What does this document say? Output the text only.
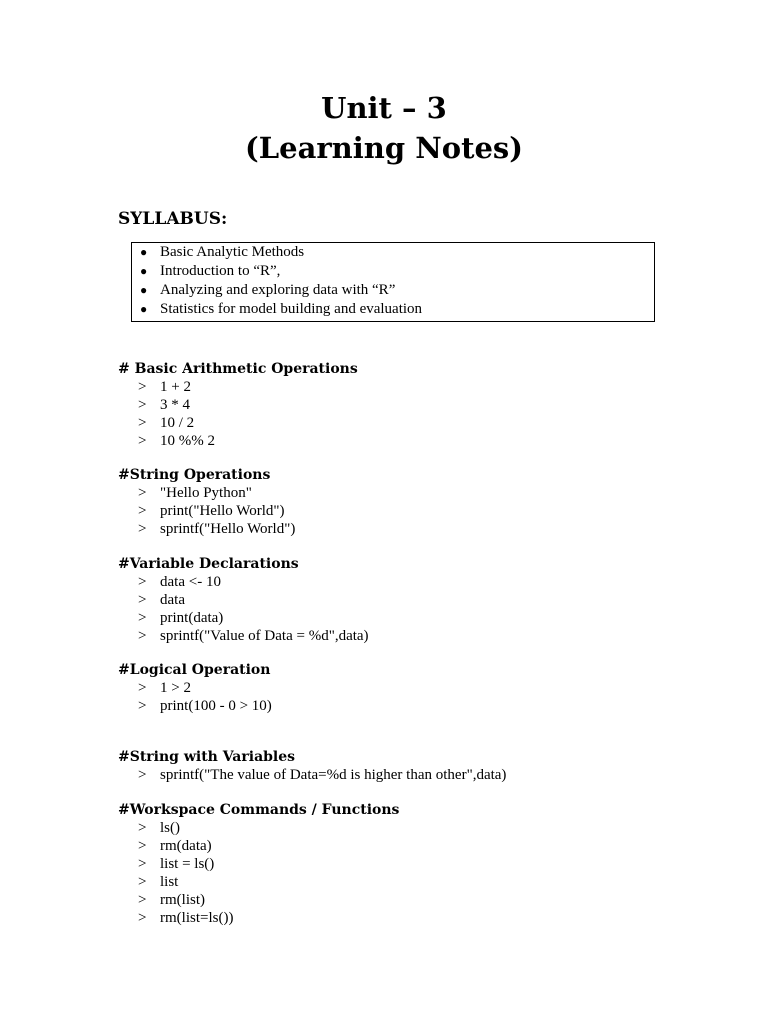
Unit – 3
(Learning Notes)
SYLLABUS:
● Basic Analytic Methods
● Introduction to “R”,
● Analyzing and exploring data with “R”
● Statistics for model building and evaluation
# Basic Arithmetic Operations
> 1 + 2
> 3 * 4
> 10 / 2
> 10 %% 2
#String Operations
> "Hello Python"
> print("Hello World")
> sprintf("Hello World")
#Variable Declarations
> data <- 10
> data
> print(data)
> sprintf("Value of Data = %d",data)
#Logical Operation
> 1 > 2
> print(100 - 0 > 10)
#String with Variables
> sprintf("The value of Data=%d is higher than other",data)
#Workspace Commands / Functions
> ls()
> rm(data)
> list = ls()
> list
> rm(list)
> rm(list=ls())
